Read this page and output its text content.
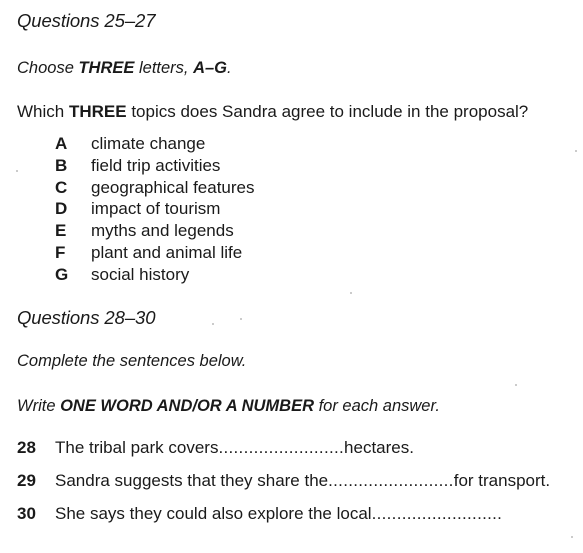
Questions 25–27
Choose THREE letters, A–G.
Which THREE topics does Sandra agree to include in the proposal?
A	climate change
B	field trip activities
C	geographical features
D	impact of tourism
E	myths and legends
F	plant and animal life
G	social history
Questions 28–30
Complete the sentences below.
Write ONE WORD AND/OR A NUMBER for each answer.
28	The tribal park covers ......................... hectares.
29	Sandra suggests that they share the ......................... for transport.
30	She says they could also explore the local ......................... .
